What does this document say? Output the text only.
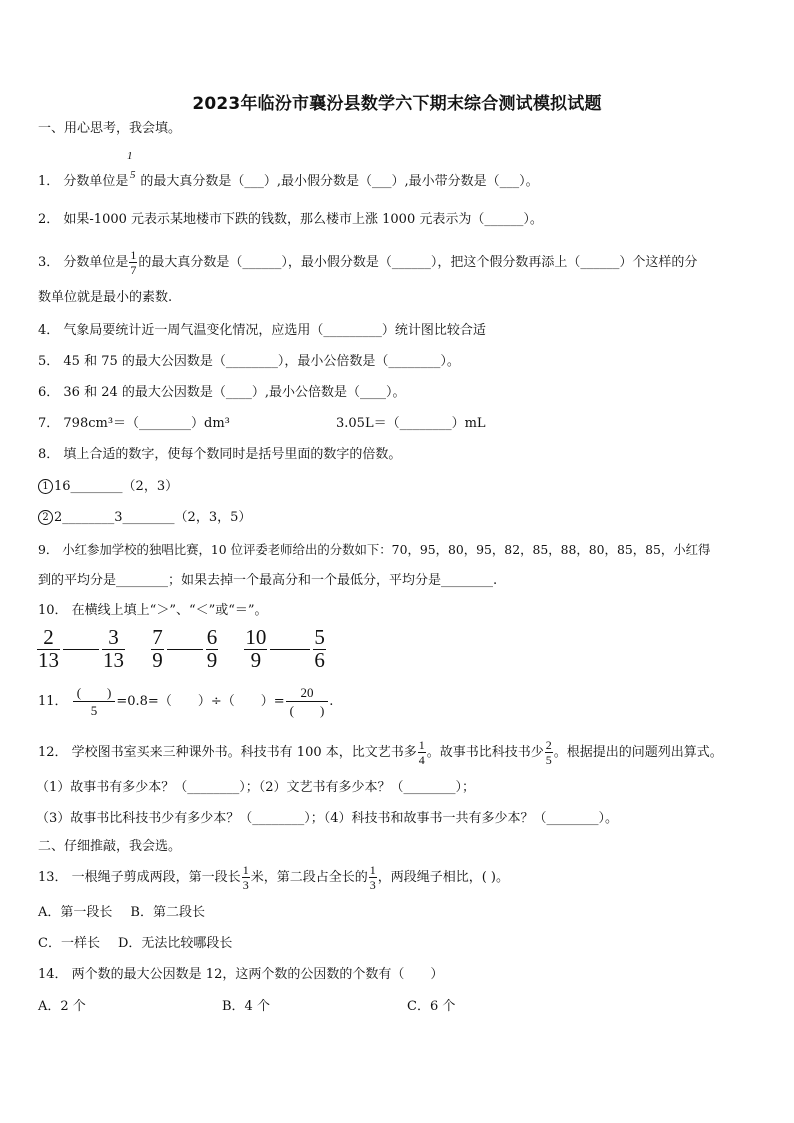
2023年临汾市襄汾县数学六下期末综合测试模拟试题
一、用心思考，我会填。
1
5
1． 分数单位是 的最大真分数是（___）,最小假分数是（___）,最小带分数是（___）。
2． 如果-1000 元表示某地楼市下跌的钱数，那么楼市上涨 1000 元表示为（______）。
3． 分数单位是 $\frac{1}{7}$ 的最大真分数是（______），最小假分数是（______），把这个假分数再添上（______）个这样的分
数单位就是最小的素数.
4． 气象局要统计近一周气温变化情况，应选用（_________）统计图比较合适
5． 45 和 75 的最大公因数是（________），最小公倍数是（________）。
6． 36 和 24 的最大公因数是（____）,最小公倍数是（____）。
7． 798cm³＝（________）dm³	3.05L＝（________）mL
8． 填上合适的数字，使每个数同时是括号里面的数字的倍数。
1 16________（2，3）
2 2________3________（2，3，5）
9． 小红参加学校的独唱比赛，10 位评委老师给出的分数如下：70，95，80，95，82，85，88，80，85，85，小红得
到的平均分是________；如果去掉一个最高分和一个最低分，平均分是________.
10． 在横线上填上“＞”、“＜”或“＝”。
$\frac{2}{13} \frac{3}{13}$
$\frac{7}{9} \frac{6}{9}$
$\frac{10}{9} \frac{5}{6}$
11． $\frac{( )}{5} =0.8=$（　　）÷（　　）= $\frac{20}{( )}$ .
12． 学校图书室买来三种课外书。科技书有 100 本，比文艺书多 $\frac{1}{4}$ 。故事书比科技书少 $\frac{2}{5}$ 。根据提出的问题列出算式。
（1）故事书有多少本？（________）；（2）文艺书有多少本？（________）；
（3）故事书比科技书少有多少本？（________）；（4）科技书和故事书一共有多少本？（________）。
二、仔细推敲，我会选。
13． 一根绳子剪成两段，第一段长 $\frac{1}{3}$ 米，第二段占全长的 $\frac{1}{3}$ ，两段绳子相比，( )。
A．第一段长 B．第二段长
C．一样长 D．无法比较哪段长
14． 两个数的最大公因数是 12，这两个数的公因数的个数有（　　）
A．2 个	B．4 个	C．6 个
